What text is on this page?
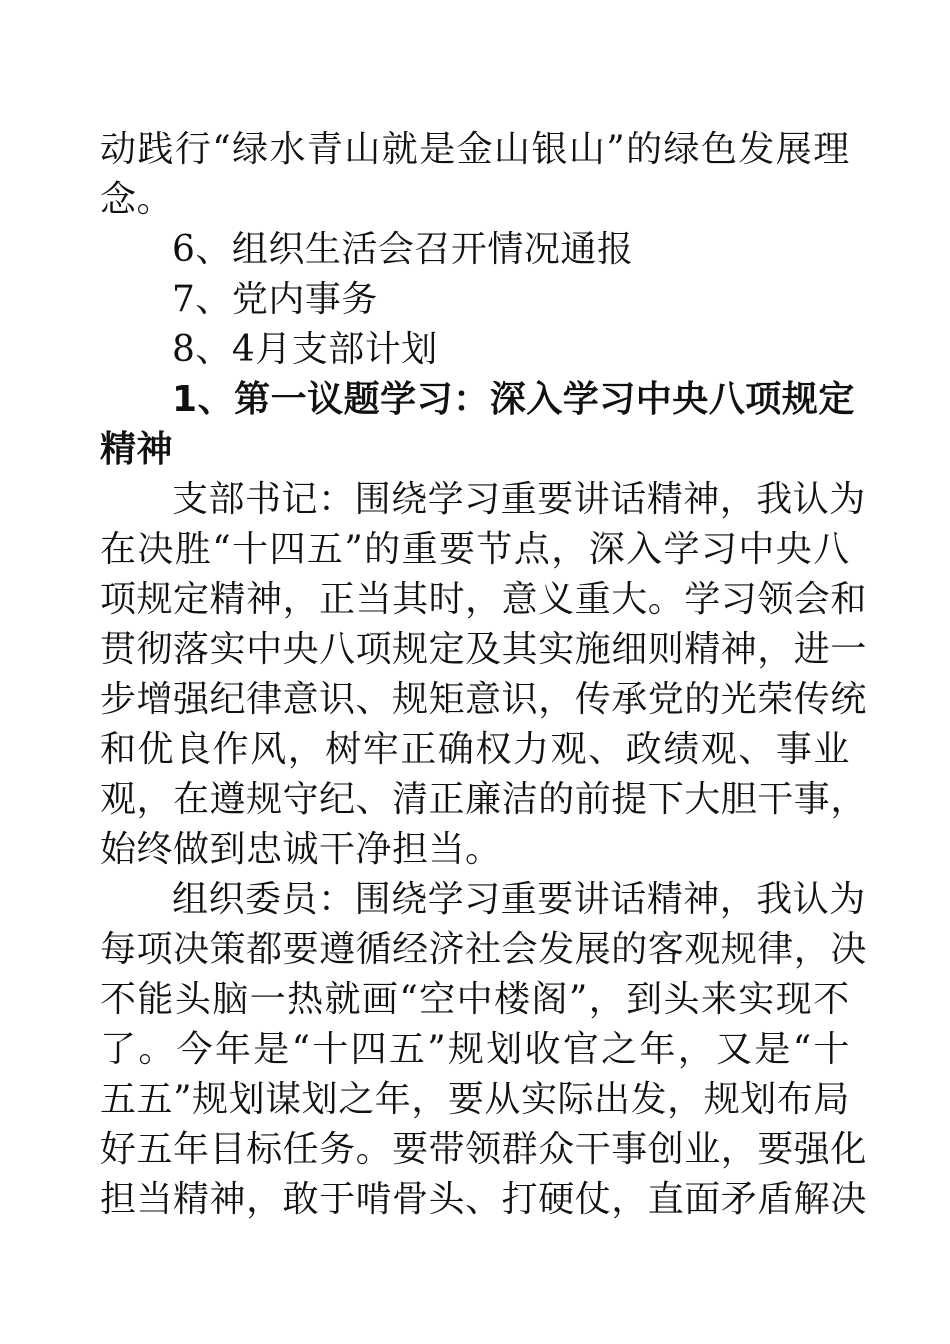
动 践 行 “ 绿 水 青 山 就 是 金 山 银 山 ” 的 绿 色 发 展 理
念。
6、组织生活会召开情况通报
7、党内事务
8、4月支部计划
1 、 第 一 议 题 学 习 ： 深 入 学 习 中 央 八 项 规 定
精神
支 部 书 记 ： 围 绕 学 习 重 要 讲 话 精 神 ， 我 认 为
在 决 胜 “ 十 四 五 ” 的 重 要 节 点 ， 深 入 学 习 中 央 八
项 规 定 精 神 ， 正 当 其 时 ， 意 义 重 大 。 学 习 领 会 和
贯 彻 落 实 中 央 八 项 规 定 及 其 实 施 细 则 精 神 ， 进 一
步 增 强 纪 律 意 识 、 规 矩 意 识 ， 传 承 党 的 光 荣 传 统
和 优 良 作 风 ， 树 牢 正 确 权 力 观 、 政 绩 观 、 事 业
观 ， 在 遵 规 守 纪 、 清 正 廉 洁 的 前 提 下 大 胆 干 事 ，
始终做到忠诚干净担当。
组 织 委 员 ： 围 绕 学 习 重 要 讲 话 精 神 ， 我 认 为
每 项 决 策 都 要 遵 循 经 济 社 会 发 展 的 客 观 规 律 ， 决
不 能 头 脑 一 热 就 画 “ 空 中 楼 阁 ” ， 到 头 来 实 现 不
了 。 今 年 是 “ 十 四 五 ” 规 划 收 官 之 年 ， 又 是 “ 十
五 五 ” 规 划 谋 划 之 年 ， 要 从 实 际 出 发 ， 规 划 布 局
好 五 年 目 标 任 务 。 要 带 领 群 众 干 事 创 业 ， 要 强 化
担 当 精 神 ， 敢 于 啃 骨 头 、 打 硬 仗 ， 直 面 矛 盾 解 决
